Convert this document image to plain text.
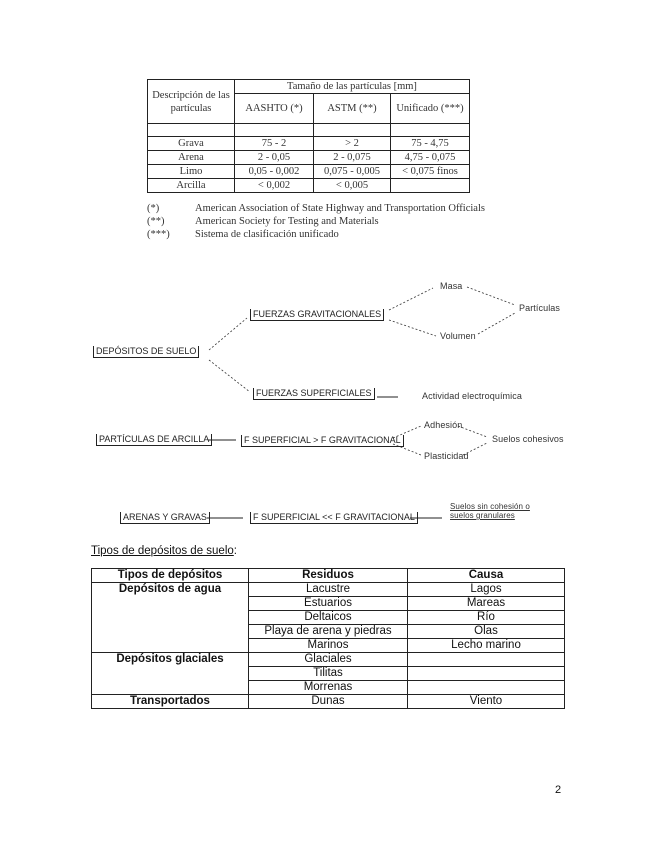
Descripción de las partículas	Tamaño de las partículas [mm]		
	AASHTO (*)	ASTM (**)	Unificado (***)

Grava	75 - 2	> 2	75 - 4,75
Arena	2 - 0,05	2 - 0,075	4,75 - 0,075
Limo	0,05 - 0,002	0,075 - 0,005	< 0,075 finos
Arcilla	< 0,002	< 0,005	
(*)	American Association of State Highway and Transportation Officials
(**)	American Society for Testing and Materials
(***)	Sistema de clasificación unificado
DEPÓSITOS DE SUELO
FUERZAS GRAVITACIONALES
FUERZAS SUPERFICIALES
Masa
Volumen
Partículas
Actividad electroquímica
PARTÍCULAS DE ARCILLA	F SUPERFICIAL > F GRAVITACIONAL
Adhesión
Plasticidad
Suelos cohesivos
ARENAS Y GRAVAS	F SUPERFICIAL << F GRAVITACIONAL
Suelos sin cohesión o suelos granulares
Tipos de depósitos de suelo:
Tipos de depósitos	Residuos	Causa
Depósitos de agua	Lacustre	Lagos
	Estuarios	Mareas
	Deltaicos	Río
	Playa de arena y piedras	Olas
	Marinos	Lecho marino
Depósitos glaciales	Glaciales	
	Tilitas	
	Morrenas	
Transportados	Dunas	Viento
2
